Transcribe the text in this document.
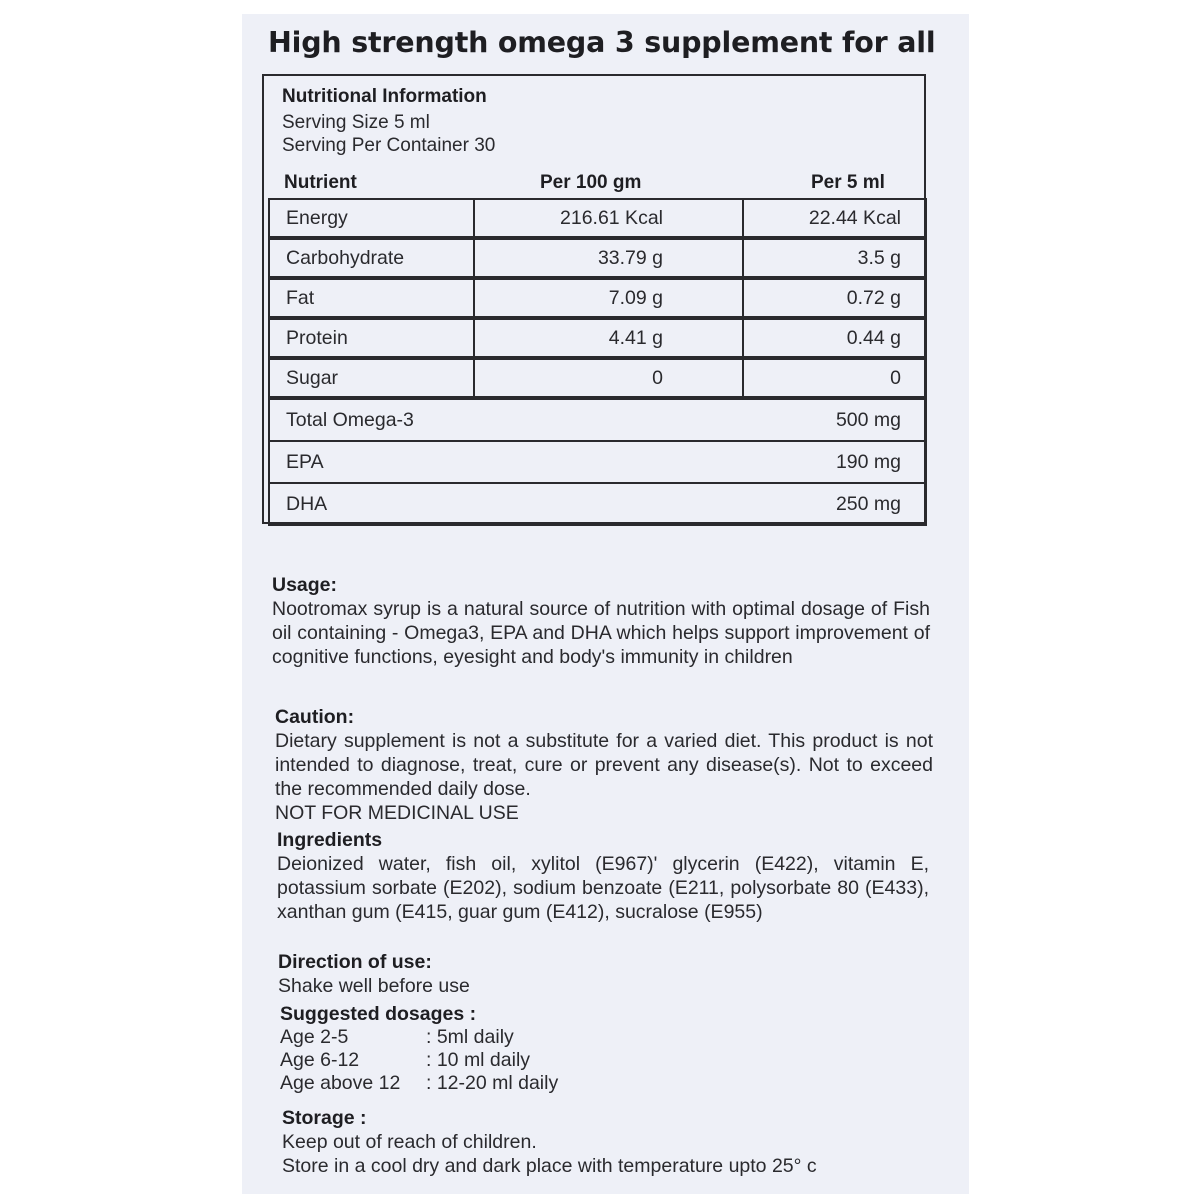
High strength omega 3 supplement for all
Nutritional Information
Serving Size 5 ml
Serving Per Container 30
Nutrient	Per 100 gm	Per 5 ml
Energy	216.61 Kcal	22.44 Kcal
Carbohydrate	33.79 g	3.5 g
Fat	7.09 g	0.72 g
Protein	4.41 g	0.44 g
Sugar	0	0
Total Omega-3	500 mg
EPA	190 mg
DHA	250 mg
Usage:
Nootromax syrup is a natural source of nutrition with optimal dosage of Fish oil containing - Omega3, EPA and DHA which helps support improvement of cognitive functions, eyesight and body's immunity in children
Caution:
Dietary supplement is not a substitute for a varied diet. This product is not intended to diagnose, treat, cure or prevent any disease(s). Not to exceed the recommended daily dose.
NOT FOR MEDICINAL USE
Ingredients
Deionized water, fish oil, xylitol (E967)' glycerin (E422), vitamin E, potassium sorbate (E202), sodium benzoate (E211, polysorbate 80 (E433), xanthan gum (E415, guar gum (E412), sucralose (E955)
Direction of use:
Shake well before use
Suggested dosages :
Age 2-5	: 5ml daily
Age 6-12	: 10 ml daily
Age above 12	: 12-20 ml daily
Storage :
Keep out of reach of children.
Store in a cool dry and dark place with temperature upto 25° c
